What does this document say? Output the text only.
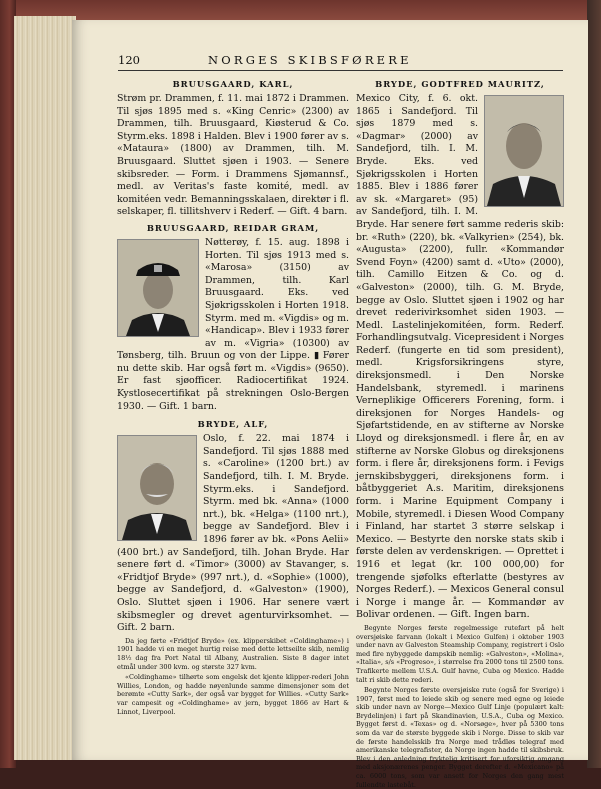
120	NORGES SKIBSFØRERE
BRUUSGAARD, KARL,

Strøm pr. Drammen, f. 11. mai 1872 i Drammen. Til sjøs 1895 med s. «King Cenric» (2300) av Drammen, tilh. Bruusgaard, Kiøsterud & Co. Styrm.eks. 1898 i Halden. Blev i 1900 fører av s. «Mataura» (1800) av Drammen, tilh. M. Bruusgaard. Sluttet sjøen i 1903. — Senere skibsreder. — Form. i Drammens Sjømannsf., medl. av Veritas's faste komité, medl. av komitéen vedr. Bemanningsskalaen, direktør i fl. selskaper, fl. tillitshverv i Rederf. — Gift. 4 barn.

BRUUSGAARD, REIDAR GRAM,

Nøtterøy, f. 15. aug. 1898 i Horten. Til sjøs 1913 med s. «Marosa» (3150) av Drammen, tilh. Karl Bruusgaard. Eks. ved Sjøkrigsskolen i Horten 1918. Styrm. med m. «Vigdis» og m. «Handicap». Blev i 1933 fører av m. «Vigria» (10300) av Tønsberg, tilh. Bruun og von der Lippe. ▮ Fører nu dette skib. Har også ført m. «Vigdis» (9650). Er fast sjøofficer. Radiocertifikat 1924. Kystlosecertifikat på strekningen Oslo-Bergen 1930. — Gift. 1 barn.

BRYDE, ALF,

Oslo, f. 22. mai 1874 i Sandefjord. Til sjøs 1888 med s. «Caroline» (1200 brt.) av Sandefjord, tilh. I. M. Bryde. Styrm.eks. i Sandefjord. Styrm. med bk. «Anna» (1000 nrt.), bk. «Helga» (1100 nrt.), begge av Sandefjord. Blev i 1896 fører av bk. «Pons Aelii» (400 brt.) av Sandefjord, tilh. Johan Bryde. Har senere ført d. «Timor» (3000) av Stavanger, s. «Fridtjof Bryde» (997 nrt.), d. «Sophie» (1000), begge av Sandefjord, d. «Galveston» (1900), Oslo. Sluttet sjøen i 1906. Har senere vært skibsmegler og drevet agenturvirksomhet. — Gift. 2 barn.

Da jeg førte «Fridtjof Bryde» (ex. klipperskibet «Coldinghame») i 1901 hadde vi en meget hurtig reise med dette lettseilte skib, nemlig 18½ dag fra Port Natal til Albany, Australien. Siste 8 dager intet etmål under 300 kvm. og største 327 kvm.

«Coldinghame» tilhørte som engelsk det kjente klipper-rederi John Willies, London, og hadde nøyenlunde samme dimensjoner som det berømte «Cutty Sark», der også var bygget for Willies. «Cutty Sark» var campesit og «Coldinghame» av jern, bygget 1866 av Hart & Linnot, Liverpool.

BRYDE, GODTFRED MAURITZ,

Mexico City, f. 6. okt. 1865 i Sandefjord. Til sjøs 1879 med s. «Dagmar» (2000) av Sandefjord, tilh. I. M. Bryde. Eks. ved Sjøkrigsskolen i Horten 1885. Blev i 1886 fører av sk. «Margaret» (95) av Sandefjord, tilh. I. M. Bryde. Har senere ført samme rederis skib: br. «Ruth» (220), bk. «Valkyrien» (254), bk. «Augusta» (2200), fullr. «Kommandør Svend Foyn» (4200) samt d. «Uto» (2000), tilh. Camillo Eitzen & Co. og d. «Galveston» (2000), tilh. G. M. Bryde, begge av Oslo. Sluttet sjøen i 1902 og har drevet rederivirksomhet siden 1903. — Medl. Lastelinjekomitéen, form. Rederf. Forhandlingsutvalg. Vicepresident i Norges Rederf. (fungerte en tid som president), medl. Krigsforsikringens styre, direksjonsmedl. i Den Norske Handelsbank, styremedl. i marinens Verneplikige Officerers Forening, form. i direksjonen for Norges Handels- og Sjøfartstidende, en av stifterne av Norske Lloyd og direksjonsmedl. i flere år, en av stifterne av Norske Globus og direksjonens form. i flere år, direksjonens form. i Fevigs jernskibsbyggeri, direksjonens form. i båtbyggeriet A.s. Maritim, direksjonens form. i Marine Equipment Company i Mobile, styremedl. i Diesen Wood Company i Finland, har startet 3 større selskap i Mexico. — Bestyrte den norske stats skib i første delen av verdenskrigen. — Oprettet i 1916 et legat (kr. 100 000,00) for trengende sjøfolks efterlatte (bestyres av Norges Rederf.). — Mexicos General consul i Norge i mange år. — Kommandør av Bolivar ordenen. — Gift. Ingen barn.

Begynte Norges første regelmessige rutefart på helt oversjøiske farvann (lokalt i Mexico Gulfen) i oktober 1903 under navn av Galveston Steamship Company, registrert i Oslo med fire nybyggede dampskib nemlig: «Galveston», «Molina», «Italia», s/s «Progreso», i størrelse fra 2000 tons til 2500 tons. Trafikerte mellem U.S.A. Gulf havne, Cuba og Mexico. Hadde talt ri skib dette rederi.

Begynte Norges første oversjøiske rute (også for Sverige) i 1907, først med to leiede skib og senere med egne og leiede skib under navn av Norge—Mexico Gulf Linje (populært kalt: Brydelinjen) i fart på Skandinavien, U.S.A., Cuba og Mexico. Bygget først d. «Texas» og d. «Norsøge», hver på 5300 tons som da var de største byggede skib i Norge. Disse to skib var de første handelsskib fra Norge med trådløs telegraf med amerikanske telegrafister, da Norge ingen hadde til skibsbruk. Blev i den anledning fryktelig kritisert for uforsiktig omgang med aksjonærenes penger. Bygget derefter d. «Mexicano» på ca. 6000 tons, som var ansett for Norges den gang mest fullendte lastebåt.
